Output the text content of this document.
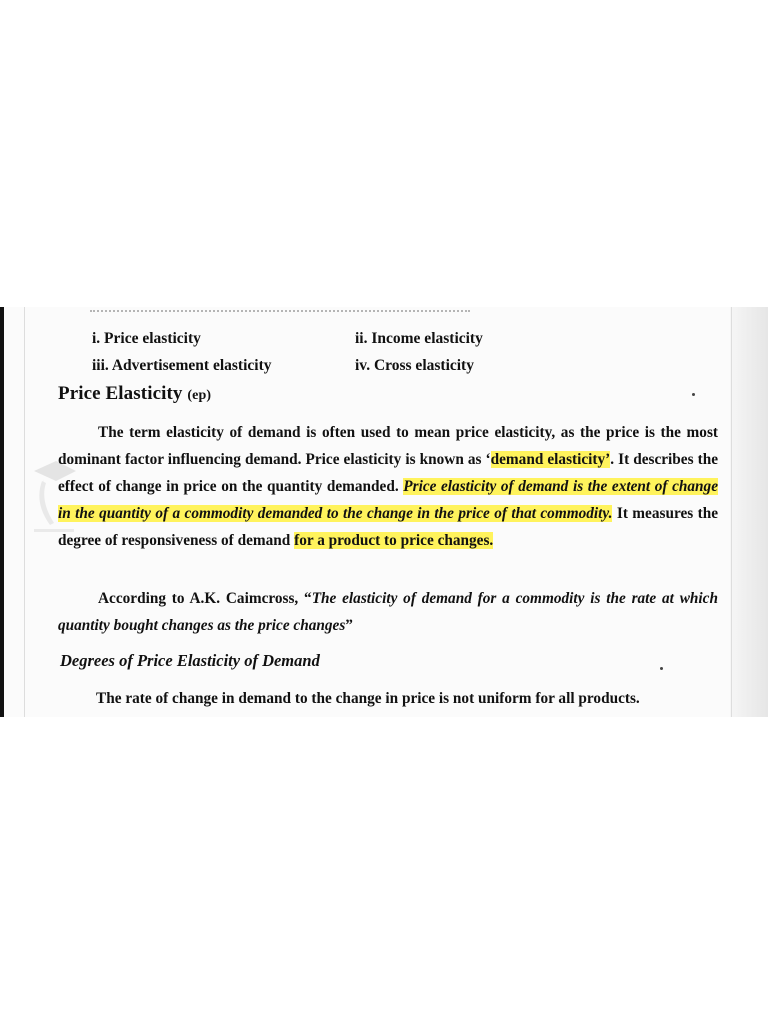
i. Price elasticity	ii. Income elasticity
iii. Advertisement elasticity	iv. Cross elasticity
Price Elasticity (ep)
The term elasticity of demand is often used to mean price elasticity, as the price is the most dominant factor influencing demand. Price elasticity is known as ‘demand elasticity’. It describes the effect of change in price on the quantity demanded. Price elasticity of demand is the extent of change in the quantity of a commodity demanded to the change in the price of that commodity. It measures the degree of responsiveness of demand for a product to price changes.
According to A.K. Caimcross, “The elasticity of demand for a commodity is the rate at which quantity bought changes as the price changes”
Degrees of Price Elasticity of Demand
The rate of change in demand to the change in price is not uniform for all products.
